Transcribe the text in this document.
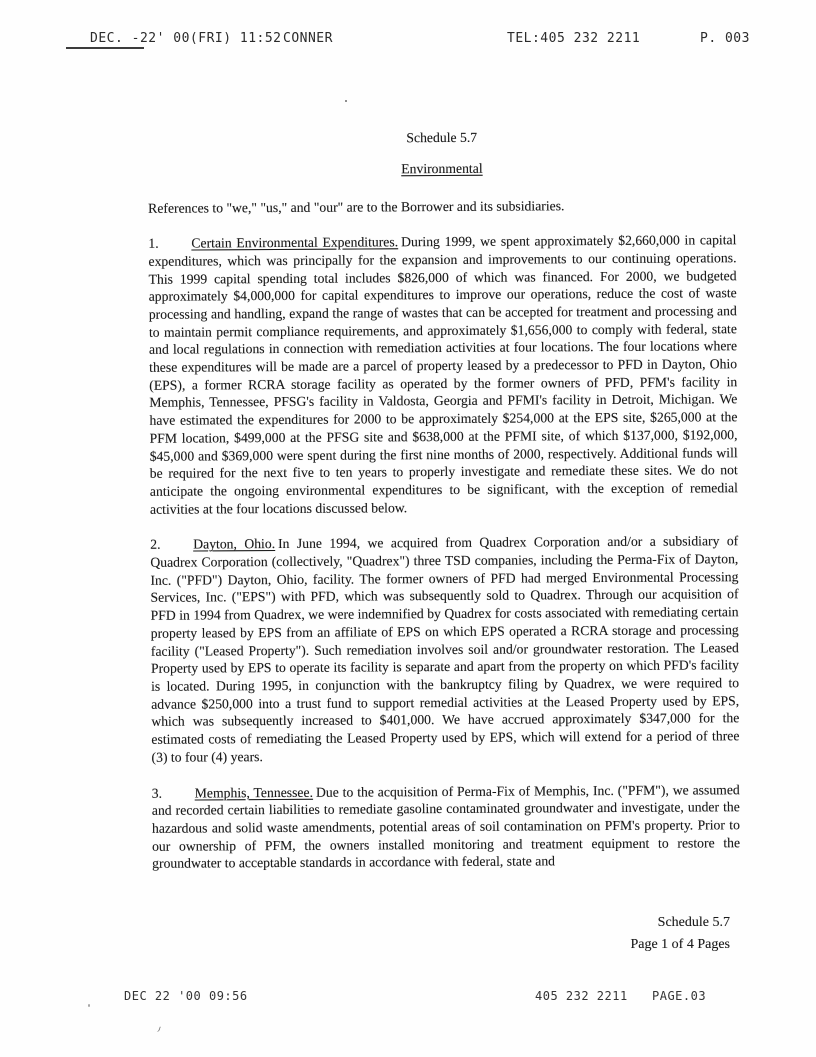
DEC. -22' 00(FRI) 11:52 CONNER	TEL:405 232 2211	P. 003
Schedule 5.7
Environmental
References to "we," "us," and "our" are to the Borrower and its subsidiaries.

1. Certain Environmental Expenditures. During 1999, we spent approximately $2,660,000 in capital expenditures, which was principally for the expansion and improvements to our continuing operations. This 1999 capital spending total includes $826,000 of which was financed. For 2000, we budgeted approximately $4,000,000 for capital expenditures to improve our operations, reduce the cost of waste processing and handling, expand the range of wastes that can be accepted for treatment and processing and to maintain permit compliance requirements, and approximately $1,656,000 to comply with federal, state and local regulations in connection with remediation activities at four locations. The four locations where these expenditures will be made are a parcel of property leased by a predecessor to PFD in Dayton, Ohio (EPS), a former RCRA storage facility as operated by the former owners of PFD, PFM's facility in Memphis, Tennessee, PFSG's facility in Valdosta, Georgia and PFMI's facility in Detroit, Michigan. We have estimated the expenditures for 2000 to be approximately $254,000 at the EPS site, $265,000 at the PFM location, $499,000 at the PFSG site and $638,000 at the PFMI site, of which $137,000, $192,000, $45,000 and $369,000 were spent during the first nine months of 2000, respectively. Additional funds will be required for the next five to ten years to properly investigate and remediate these sites. We do not anticipate the ongoing environmental expenditures to be significant, with the exception of remedial activities at the four locations discussed below.

2. Dayton, Ohio. In June 1994, we acquired from Quadrex Corporation and/or a subsidiary of Quadrex Corporation (collectively, "Quadrex") three TSD companies, including the Perma-Fix of Dayton, Inc. ("PFD") Dayton, Ohio, facility. The former owners of PFD had merged Environmental Processing Services, Inc. ("EPS") with PFD, which was subsequently sold to Quadrex. Through our acquisition of PFD in 1994 from Quadrex, we were indemnified by Quadrex for costs associated with remediating certain property leased by EPS from an affiliate of EPS on which EPS operated a RCRA storage and processing facility ("Leased Property"). Such remediation involves soil and/or groundwater restoration. The Leased Property used by EPS to operate its facility is separate and apart from the property on which PFD's facility is located. During 1995, in conjunction with the bankruptcy filing by Quadrex, we were required to advance $250,000 into a trust fund to support remedial activities at the Leased Property used by EPS, which was subsequently increased to $401,000. We have accrued approximately $347,000 for the estimated costs of remediating the Leased Property used by EPS, which will extend for a period of three (3) to four (4) years.

3. Memphis, Tennessee. Due to the acquisition of Perma-Fix of Memphis, Inc. ("PFM"), we assumed and recorded certain liabilities to remediate gasoline contaminated groundwater and investigate, under the hazardous and solid waste amendments, potential areas of soil contamination on PFM's property. Prior to our ownership of PFM, the owners installed monitoring and treatment equipment to restore the groundwater to acceptable standards in accordance with federal, state and

Schedule 5.7
Page 1 of 4 Pages
DEC 22 '00 09:56	405 232 2211 PAGE.03
